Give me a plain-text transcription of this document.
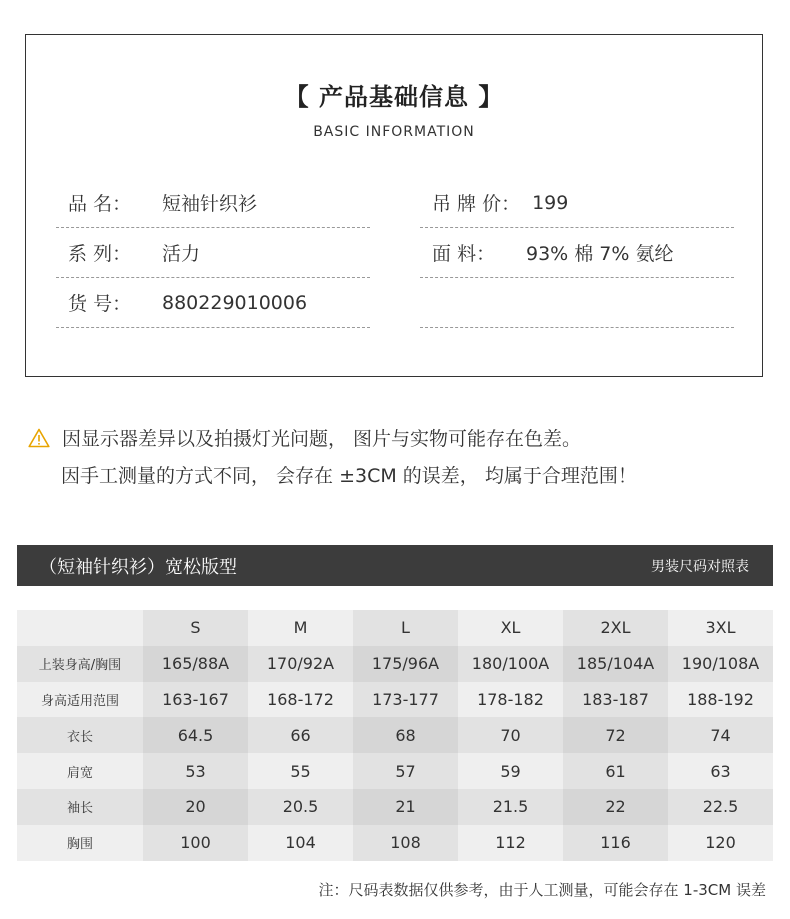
【 产品基础信息 】
BASIC INFORMATION
品 名：	短袖针织衫
系 列：	活力
货 号：	880229010006
吊 牌 价： 199
面 料：	93% 棉 7% 氨纶
因显示器差异以及拍摄灯光问题， 图片与实物可能存在色差。
因手工测量的方式不同， 会存在 ±3CM 的误差， 均属于合理范围！
（短袖针织衫）宽松版型	男装尺码对照表
	S	M	L	XL	2XL	3XL
上装身高/胸围	165/88A	170/92A	175/96A	180/100A	185/104A	190/108A
身高适用范围	163-167	168-172	173-177	178-182	183-187	188-192
衣长	64.5	66	68	70	72	74
肩宽	53	55	57	59	61	63
袖长	20	20.5	21	21.5	22	22.5
胸围	100	104	108	112	116	120
注：尺码表数据仅供参考，由于人工测量，可能会存在 1-3CM 误差
